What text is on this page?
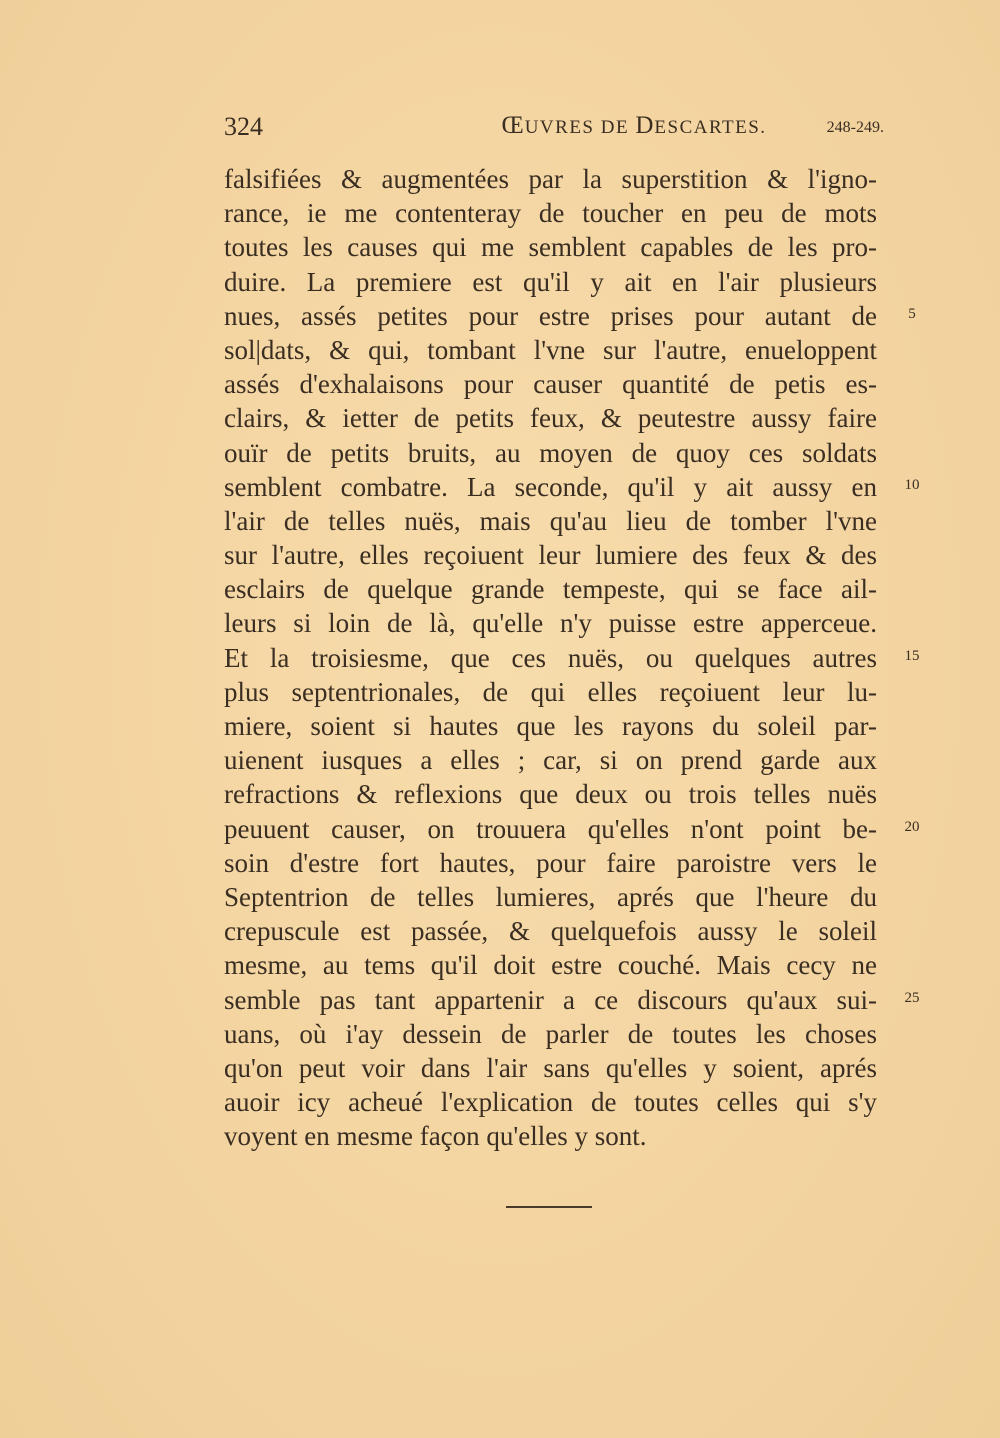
324	ŒUVRES DE DESCARTES.	248-249.
falsifiées & augmentées par la superstition & l'igno-
rance, ie me contenteray de toucher en peu de mots
toutes les causes qui me semblent capables de les pro-
duire. La premiere est qu'il y ait en l'air plusieurs
nues, assés petites pour estre prises pour autant de
sol|dats, & qui, tombant l'vne sur l'autre, enueloppent
assés d'exhalaisons pour causer quantité de petis es-
clairs, & ietter de petits feux, & peutestre aussy faire
ouïr de petits bruits, au moyen de quoy ces soldats
semblent combatre. La seconde, qu'il y ait aussy en
l'air de telles nuës, mais qu'au lieu de tomber l'vne
sur l'autre, elles reçoiuent leur lumiere des feux & des
esclairs de quelque grande tempeste, qui se face ail-
leurs si loin de là, qu'elle n'y puisse estre apperceue.
Et la troisiesme, que ces nuës, ou quelques autres
plus septentrionales, de qui elles reçoiuent leur lu-
miere, soient si hautes que les rayons du soleil par-
uienent iusques a elles ; car, si on prend garde aux
refractions & reflexions que deux ou trois telles nuës
peuuent causer, on trouuera qu'elles n'ont point be-
soin d'estre fort hautes, pour faire paroistre vers le
Septentrion de telles lumieres, aprés que l'heure du
crepuscule est passée, & quelquefois aussy le soleil
mesme, au tems qu'il doit estre couché. Mais cecy ne
semble pas tant appartenir a ce discours qu'aux sui-
uans, où i'ay dessein de parler de toutes les choses
qu'on peut voir dans l'air sans qu'elles y soient, aprés
auoir icy acheué l'explication de toutes celles qui s'y
voyent en mesme façon qu'elles y sont.
5
10
15
20
25
